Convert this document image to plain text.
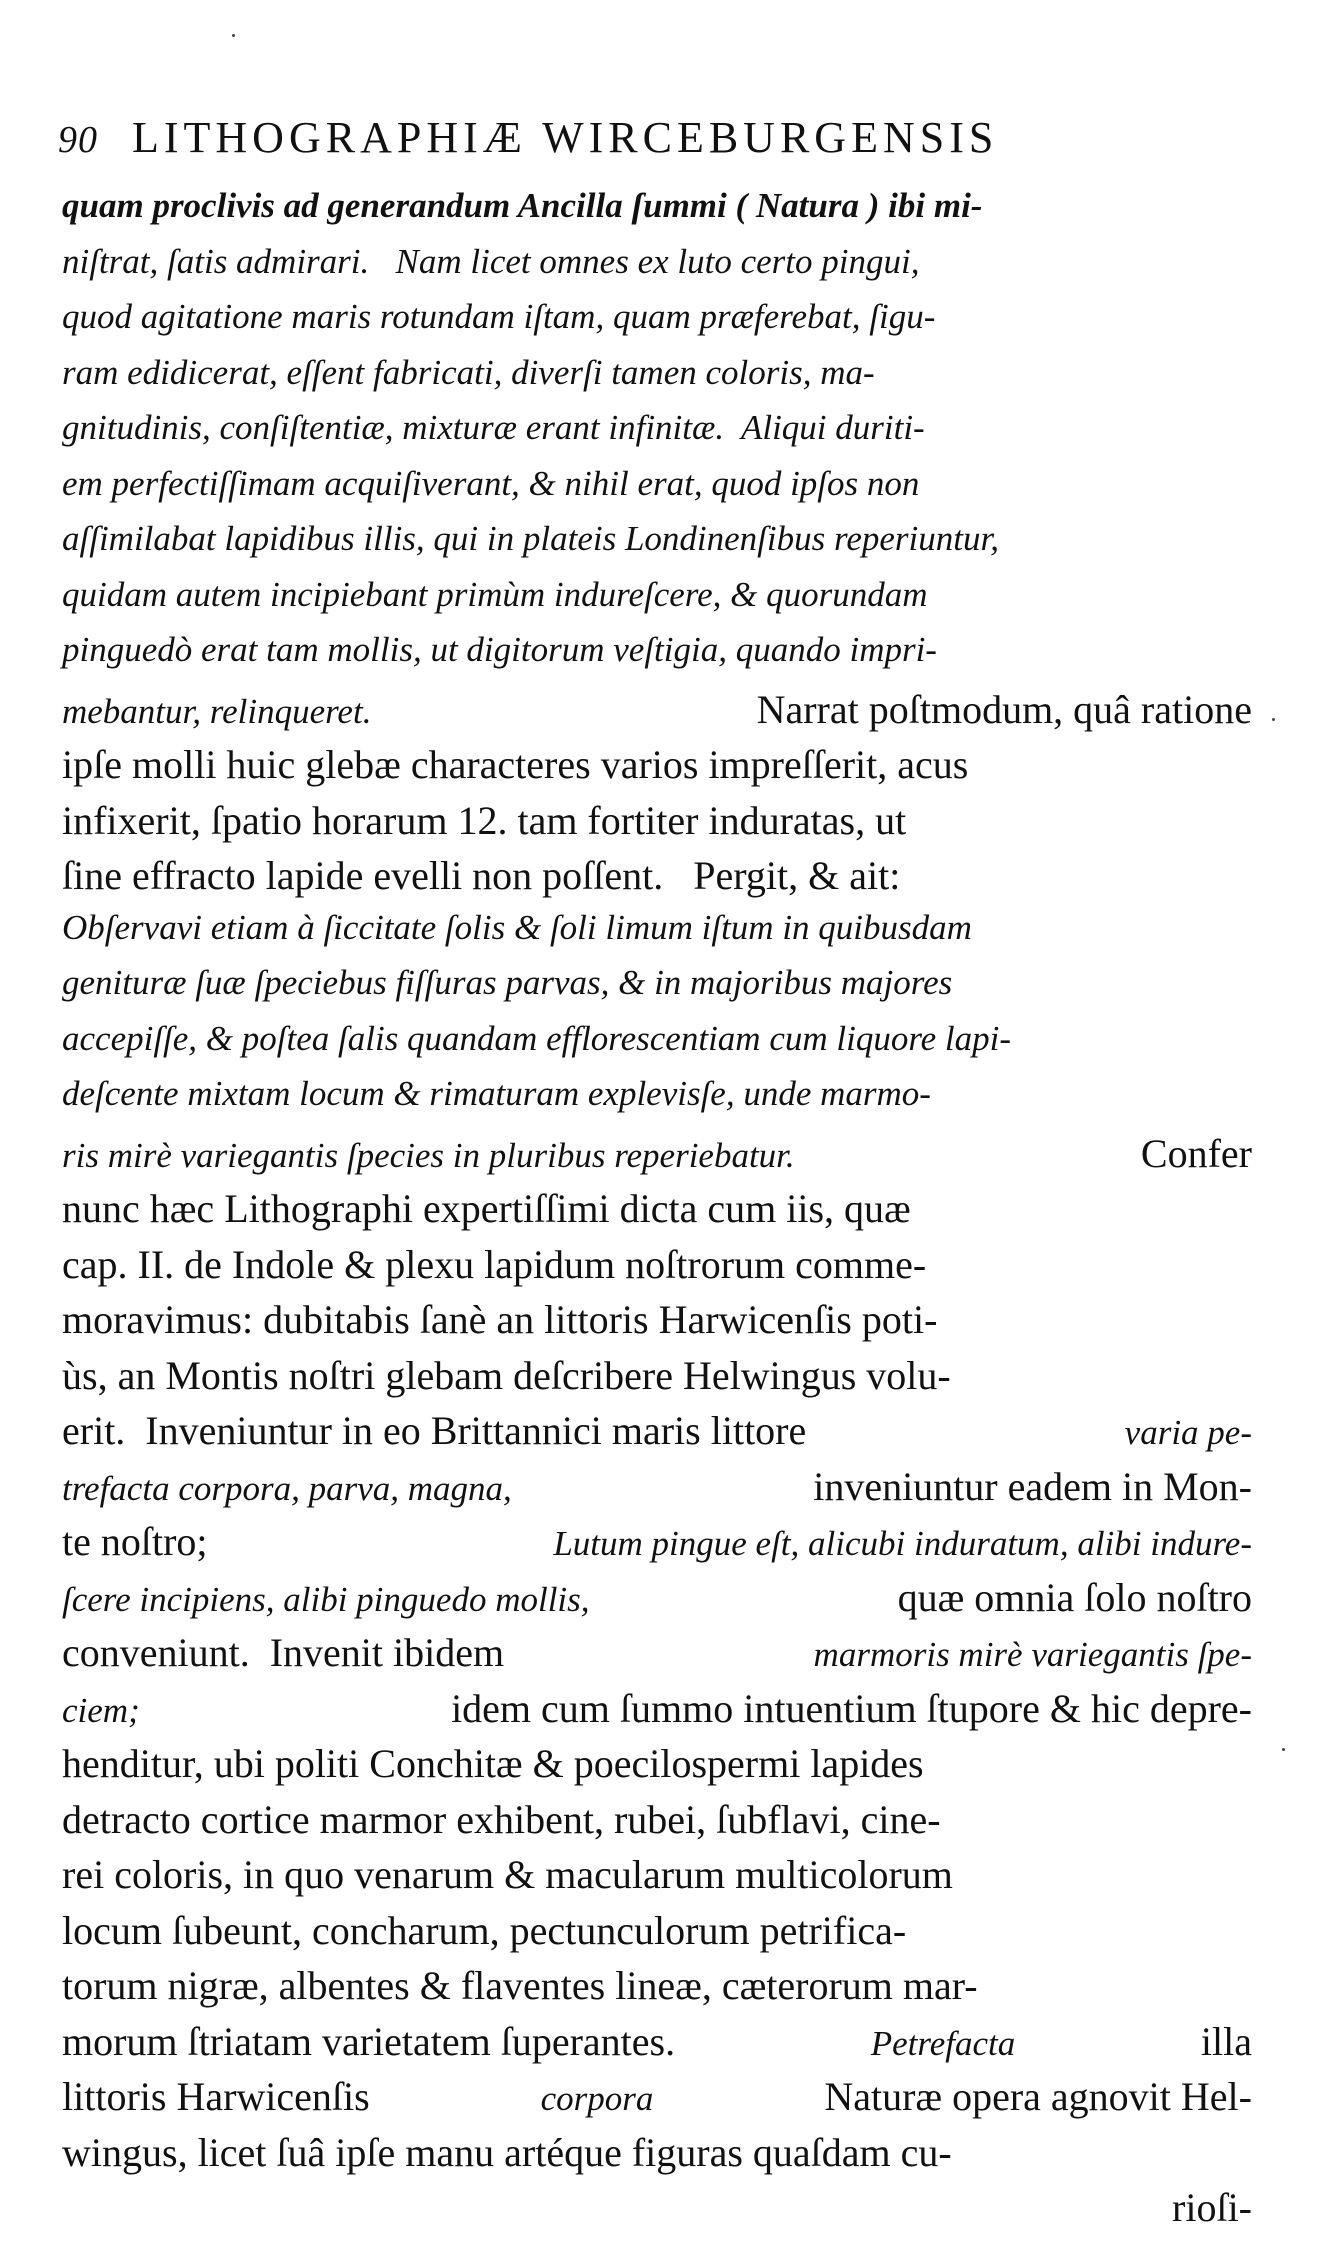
90 LITHOGRAPHIÆ WIRCEBURGENSIS
quam proclivis ad generandum Ancilla ſummi ( Natura ) ibi mi-
niſtrat, ſatis admirari.   Nam licet omnes ex luto certo pingui,
quod agitatione maris rotundam iſtam, quam præferebat, ſigu-
ram edidicerat, eſſent fabricati, diverſi tamen coloris, ma-
gnitudinis, conſiſtentiæ, mixturæ erant infinitæ.  Aliqui duriti-
em perfectiſſimam acquiſiverant, & nihil erat, quod ipſos non
aſſimilabat lapidibus illis, qui in plateis Londinenſibus reperiuntur,
quidam autem incipiebant primùm indureſcere, & quorundam
pinguedò erat tam mollis, ut digitorum veſtigia, quando impri-
mebantur, relinqueret.	Narrat poſtmodum, quâ ratione
ipſe molli huic glebæ characteres varios impreſſerit, acus
infixerit, ſpatio horarum 12. tam fortiter induratas, ut
ſine effracto lapide evelli non poſſent.   Pergit, & ait:
Obſervavi etiam à ſiccitate ſolis & ſoli limum iſtum in quibusdam
genituræ ſuæ ſpeciebus fiſſuras parvas, & in majoribus majores
accepiſſe, & poſtea ſalis quandam efflorescentiam cum liquore lapi-
deſcente mixtam locum & rimaturam explevisſe, unde marmo-
ris mirè variegantis ſpecies in pluribus reperiebatur.	Confer
nunc hæc Lithographi expertiſſimi dicta cum iis, quæ
cap. II. de Indole & plexu lapidum noſtrorum comme-
moravimus: dubitabis ſanè an littoris Harwicenſis poti-
ùs, an Montis noſtri glebam deſcribere Helwingus volu-
erit.  Inveniuntur in eo Brittannici maris littore	varia pe-
trefacta corpora, parva, magna,	inveniuntur eadem in Mon-
te noſtro;	Lutum pingue eſt, alicubi induratum, alibi indure-
ſcere incipiens, alibi pinguedo mollis,	quæ omnia ſolo noſtro
conveniunt.  Invenit ibidem	marmoris mirè variegantis ſpe-
ciem;	idem cum ſummo intuentium ſtupore & hic depre-
henditur, ubi politi Conchitæ & poecilospermi lapides
detracto cortice marmor exhibent, rubei, ſubflavi, cine-
rei coloris, in quo venarum & macularum multicolorum
locum ſubeunt, concharum, pectunculorum petrifica-
torum nigræ, albentes & flaventes lineæ, cæterorum mar-
morum ſtriatam varietatem ſuperantes.	Petrefacta	illa
littoris Harwicenſis	corpora	Naturæ opera agnovit Hel-
wingus, licet ſuâ ipſe manu artéque figuras quaſdam cu-
rioſi-
